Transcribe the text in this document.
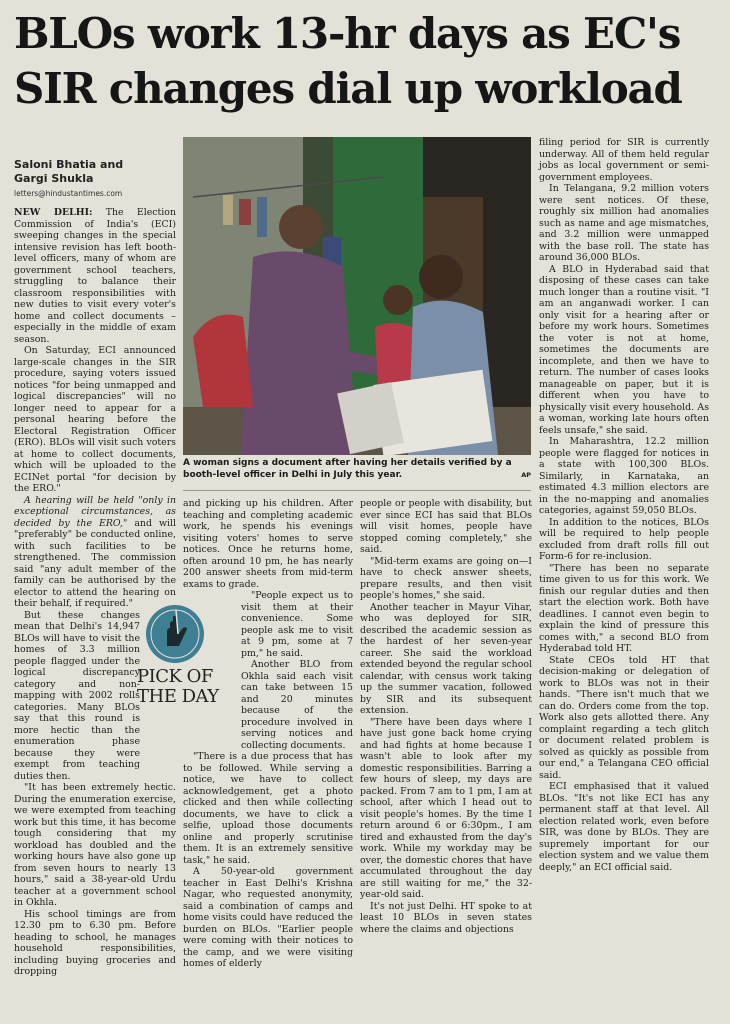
BLOs work 13-hr days as EC's
SIR changes dial up workload
Saloni Bhatia and
Gargi Shukla
letters@hindustantimes.com

NEW DELHI: The Election Commission of India's (ECI) sweeping changes in the special intensive revision has left booth-level officers, many of whom are government school teachers, struggling to balance their classroom responsibilities with new duties to visit every voter's home and collect documents – especially in the middle of exam season.

On Saturday, ECI announced large-scale changes in the SIR procedure, saying voters issued notices "for being unmapped and logical discrepancies" will no longer need to appear for a personal hearing before the Electoral Registration Officer (ERO). BLOs will visit such voters at home to collect documents, which will be uploaded to the ECINet portal "for decision by the ERO."

A hearing will be held "only in exceptional circumstances, as decided by the ERO," and will "preferably" be conducted online, with such facilities to be strengthened. The commission said "any adult member of the family can be authorised by the elector to attend the hearing on their behalf, if required."

But these changes mean that Delhi's 14,947 BLOs will have to visit the homes of 3.3 million people flagged under the logical discrepancy category and non-mapping with 2002 rolls categories. Many BLOs say that this round is more hectic than the enumeration phase because they were exempt from teaching duties then.

"It has been extremely hectic. During the enumeration exercise, we were exempted from teaching work but this time, it has become tough considering that my workload has doubled and the working hours have also gone up from seven hours to nearly 13 hours," said a 38-year-old Urdu teacher at a government school in Okhla.

His school timings are from 12.30 pm to 6.30 pm. Before heading to school, he manages household responsibilities, including buying groceries and dropping

A woman signs a document after having her details verified by a booth-level officer in Delhi in July this year.	AP

and picking up his children. After teaching and completing academic work, he spends his evenings visiting voters' homes to serve notices. Once he returns home, often around 10 pm, he has nearly 200 answer sheets from mid-term exams to grade.

"People expect us to visit them at their convenience. Some people ask me to visit at 9 pm, some at 7 pm," he said.

Another BLO from Okhla said each visit can take between 15 and 20 minutes because of the procedure involved in serving notices and collecting documents.

"There is a due process that has to be followed. While serving a notice, we have to collect acknowledgement, get a photo clicked and then while collecting documents, we have to click a selfie, upload those documents online and properly scrutinise them. It is an extremely sensitive task," he said.

A 50-year-old government teacher in East Delhi's Krishna Nagar, who requested anonymity, said a combination of camps and home visits could have reduced the burden on BLOs. "Earlier people were coming with their notices to the camp, and we were visiting homes of elderly

PICK OF
THE DAY

people or people with disability, but ever since ECI has said that BLOs will visit homes, people have stopped coming completely," she said.

"Mid-term exams are going on—I have to check answer sheets, prepare results, and then visit people's homes," she said.

Another teacher in Mayur Vihar, who was deployed for SIR, described the academic session as the hardest of her seven-year career. She said the workload extended beyond the regular school calendar, with census work taking up the summer vacation, followed by SIR and its subsequent extension.

"There have been days where I have just gone back home crying and had fights at home because I wasn't able to look after my domestic responsibilities. Barring a few hours of sleep, my days are packed. From 7 am to 1 pm, I am at school, after which I head out to visit people's homes. By the time I return around 6 or 6:30pm., I am tired and exhausted from the day's work. While my workday may be over, the domestic chores that have accumulated throughout the day are still waiting for me," the 32-year-old said.

It's not just Delhi. HT spoke to at least 10 BLOs in seven states where the claims and objections

filing period for SIR is currently underway. All of them held regular jobs as local government or semi-government employees.

In Telangana, 9.2 million voters were sent notices. Of these, roughly six million had anomalies such as name and age mismatches, and 3.2 million were unmapped with the base roll. The state has around 36,000 BLOs.

A BLO in Hyderabad said that disposing of these cases can take much longer than a routine visit. "I am an anganwadi worker. I can only visit for a hearing after or before my work hours. Sometimes the voter is not at home, sometimes the documents are incomplete, and then we have to return. The number of cases looks manageable on paper, but it is different when you have to physically visit every household. As a woman, working late hours often feels unsafe," she said.

In Maharashtra, 12.2 million people were flagged for notices in a state with 100,300 BLOs. Similarly, in Karnataka, an estimated 4.3 million electors are in the no-mapping and anomalies categories, against 59,050 BLOs.

In addition to the notices, BLOs will be required to help people excluded from draft rolls fill out Form-6 for re-inclusion.

"There has been no separate time given to us for this work. We finish our regular duties and then start the election work. Both have deadlines. I cannot even begin to explain the kind of pressure this comes with," a second BLO from Hyderabad told HT.

State CEOs told HT that decision-making or delegation of work to BLOs was not in their hands. "There isn't much that we can do. Orders come from the top. Work also gets allotted there. Any complaint regarding a tech glitch or document related problem is solved as quickly as possible from our end," a Telangana CEO official said.

ECI emphasised that it valued BLOs. "It's not like ECI has any permanent staff at that level. All election related work, even before SIR, was done by BLOs. They are supremely important for our election system and we value them deeply," an ECI official said.
